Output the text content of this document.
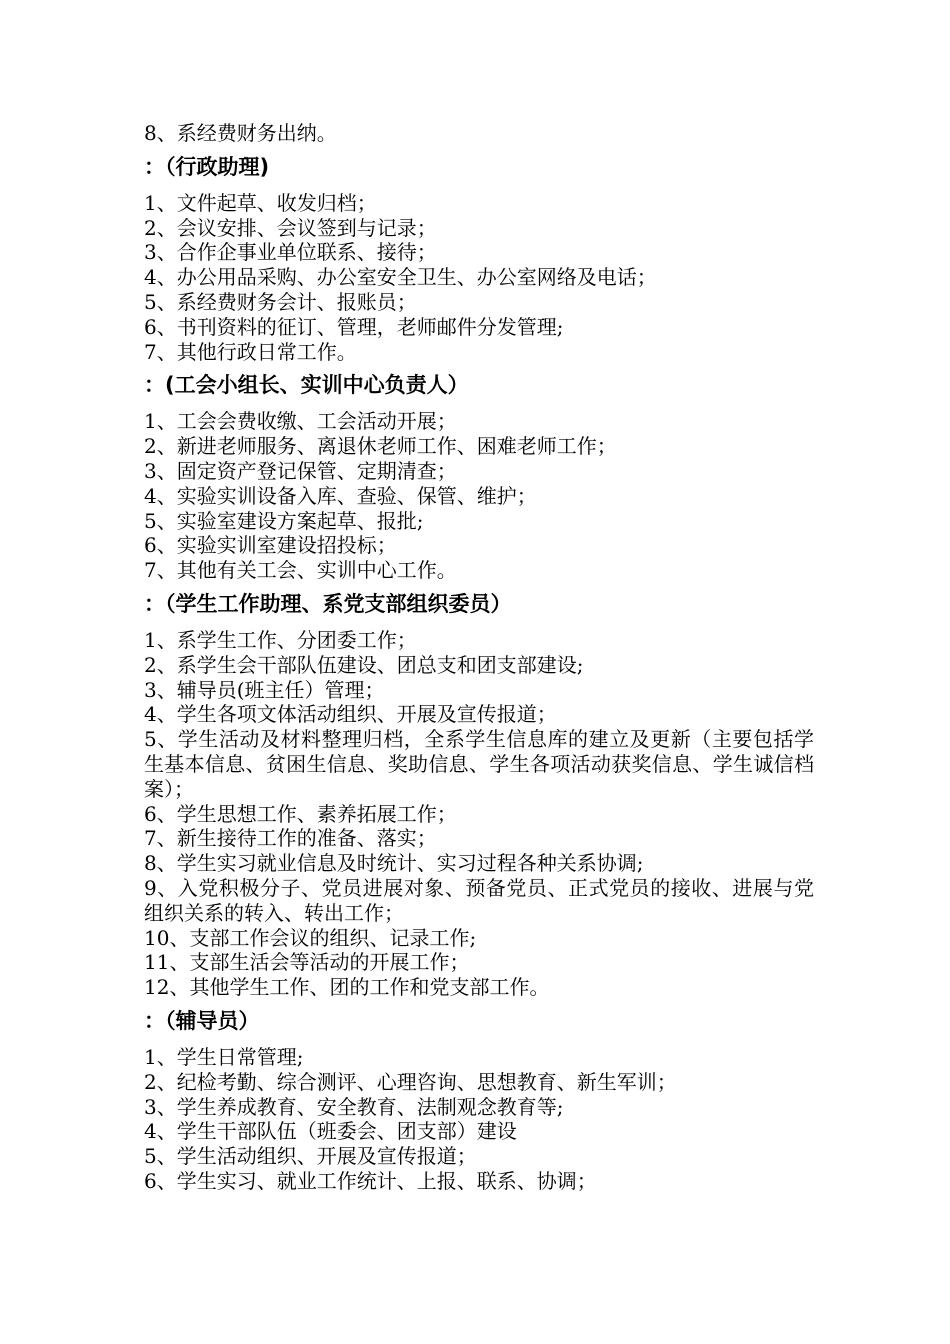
8、系经费财务出纳。
：（行政助理)
1、文件起草、收发归档；
2、会议安排、会议签到与记录；
3、合作企事业单位联系、接待；
4、办公用品采购、办公室安全卫生、办公室网络及电话；
5、系经费财务会计、报账员；
6、书刊资料的征订、管理，老师邮件分发管理;
7、其他行政日常工作。
：(工会小组长、实训中心负责人）
1、工会会费收缴、工会活动开展；
2、新进老师服务、离退休老师工作、困难老师工作；
3、固定资产登记保管、定期清查；
4、实验实训设备入库、查验、保管、维护；
5、实验室建设方案起草、报批;
6、实验实训室建设招投标；
7、其他有关工会、实训中心工作。
：（学生工作助理、系党支部组织委员）
1、系学生工作、分团委工作；
2、系学生会干部队伍建设、团总支和团支部建设;
3、辅导员(班主任）管理；
4、学生各项文体活动组织、开展及宣传报道；
5、学生活动及材料整理归档，全系学生信息库的建立及更新（主要包括学生基本信息、贫困生信息、奖助信息、学生各项活动获奖信息、学生诚信档案）；
6、学生思想工作、素养拓展工作；
7、新生接待工作的准备、落实；
8、学生实习就业信息及时统计、实习过程各种关系协调;
9、入党积极分子、党员进展对象、预备党员、正式党员的接收、进展与党组织关系的转入、转出工作；
10、支部工作会议的组织、记录工作;
11、支部生活会等活动的开展工作；
12、其他学生工作、团的工作和党支部工作。
：（辅导员）
1、学生日常管理;
2、纪检考勤、综合测评、心理咨询、思想教育、新生军训；
3、学生养成教育、安全教育、法制观念教育等;
4、学生干部队伍（班委会、团支部）建设
5、学生活动组织、开展及宣传报道；
6、学生实习、就业工作统计、上报、联系、协调；
